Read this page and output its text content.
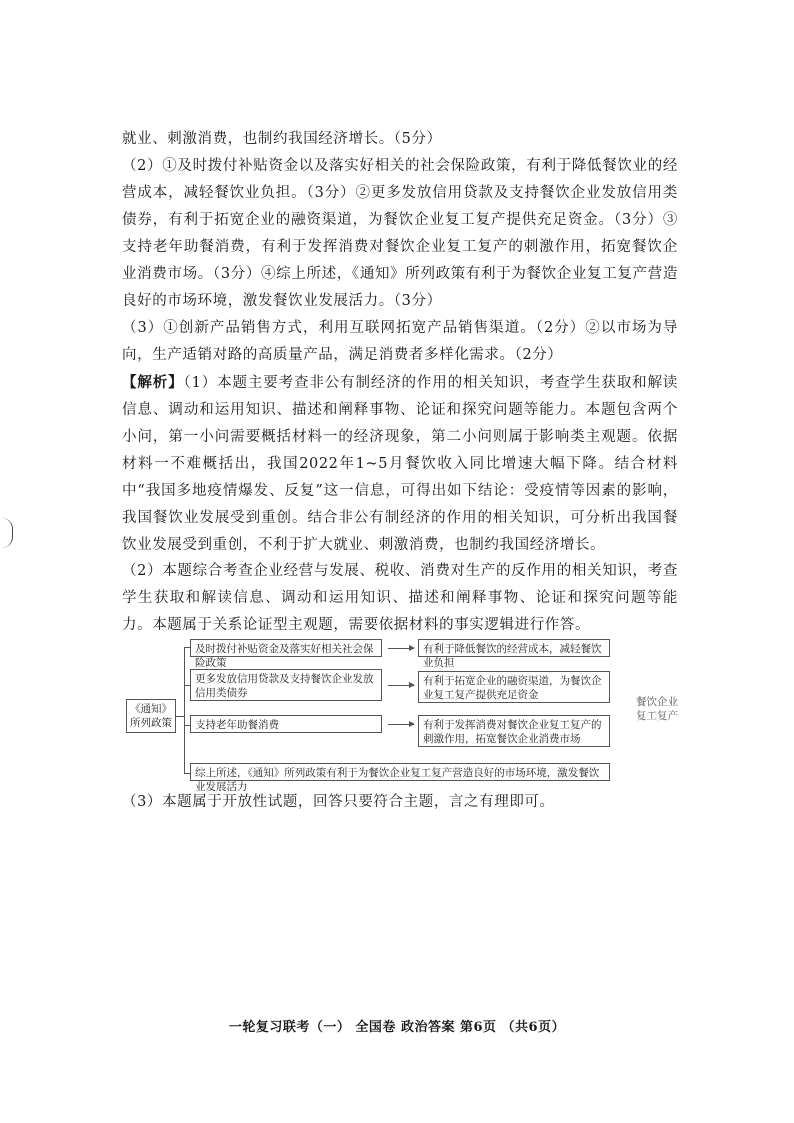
就业、刺激消费，也制约我国经济增长。（5分）

（2）①及时拨付补贴资金以及落实好相关的社会保险政策，有利于降低餐饮业的经营成本，减轻餐饮业负担。（3分）②更多发放信用贷款及支持餐饮企业发放信用类债券，有利于拓宽企业的融资渠道，为餐饮企业复工复产提供充足资金。（3分）③支持老年助餐消费，有利于发挥消费对餐饮企业复工复产的刺激作用，拓宽餐饮企业消费市场。（3分）④综上所述，《通知》所列政策有利于为餐饮企业复工复产营造良好的市场环境，激发餐饮业发展活力。（3分）

（3）①创新产品销售方式，利用互联网拓宽产品销售渠道。（2分）②以市场为导向，生产适销对路的高质量产品，满足消费者多样化需求。（2分）

【解析】（1）本题主要考查非公有制经济的作用的相关知识，考查学生获取和解读信息、调动和运用知识、描述和阐释事物、论证和探究问题等能力。本题包含两个小问，第一小问需要概括材料一的经济现象，第二小问则属于影响类主观题。依据材料一不难概括出，我国2022年1~5月餐饮收入同比增速大幅下降。结合材料中“我国多地疫情爆发、反复”这一信息，可得出如下结论：受疫情等因素的影响，我国餐饮业发展受到重创。结合非公有制经济的作用的相关知识，可分析出我国餐饮业发展受到重创，不利于扩大就业、刺激消费，也制约我国经济增长。

（2）本题综合考查企业经营与发展、税收、消费对生产的反作用的相关知识，考查学生获取和解读信息、调动和运用知识、描述和阐释事物、论证和探究问题等能力。本题属于关系论证型主观题，需要依据材料的事实逻辑进行作答。

《通知》所列政策
及时拨付补贴资金及落实好相关社会保险政策
更多发放信用贷款及支持餐饮企业发放信用类债券
支持老年助餐消费
有利于降低餐饮的经营成本，减轻餐饮业负担
有利于拓宽企业的融资渠道，为餐饮企业复工复产提供充足资金
有利于发挥消费对餐饮企业复工复产的刺激作用，拓宽餐饮企业消费市场
餐饮企业复工复产
综上所述，《通知》所列政策有利于为餐饮企业复工复产营造良好的市场环境，激发餐饮业发展活力

（3）本题属于开放性试题，回答只要符合主题，言之有理即可。

一轮复习联考（一） 全国卷 政治答案 第6页 （共6页）
